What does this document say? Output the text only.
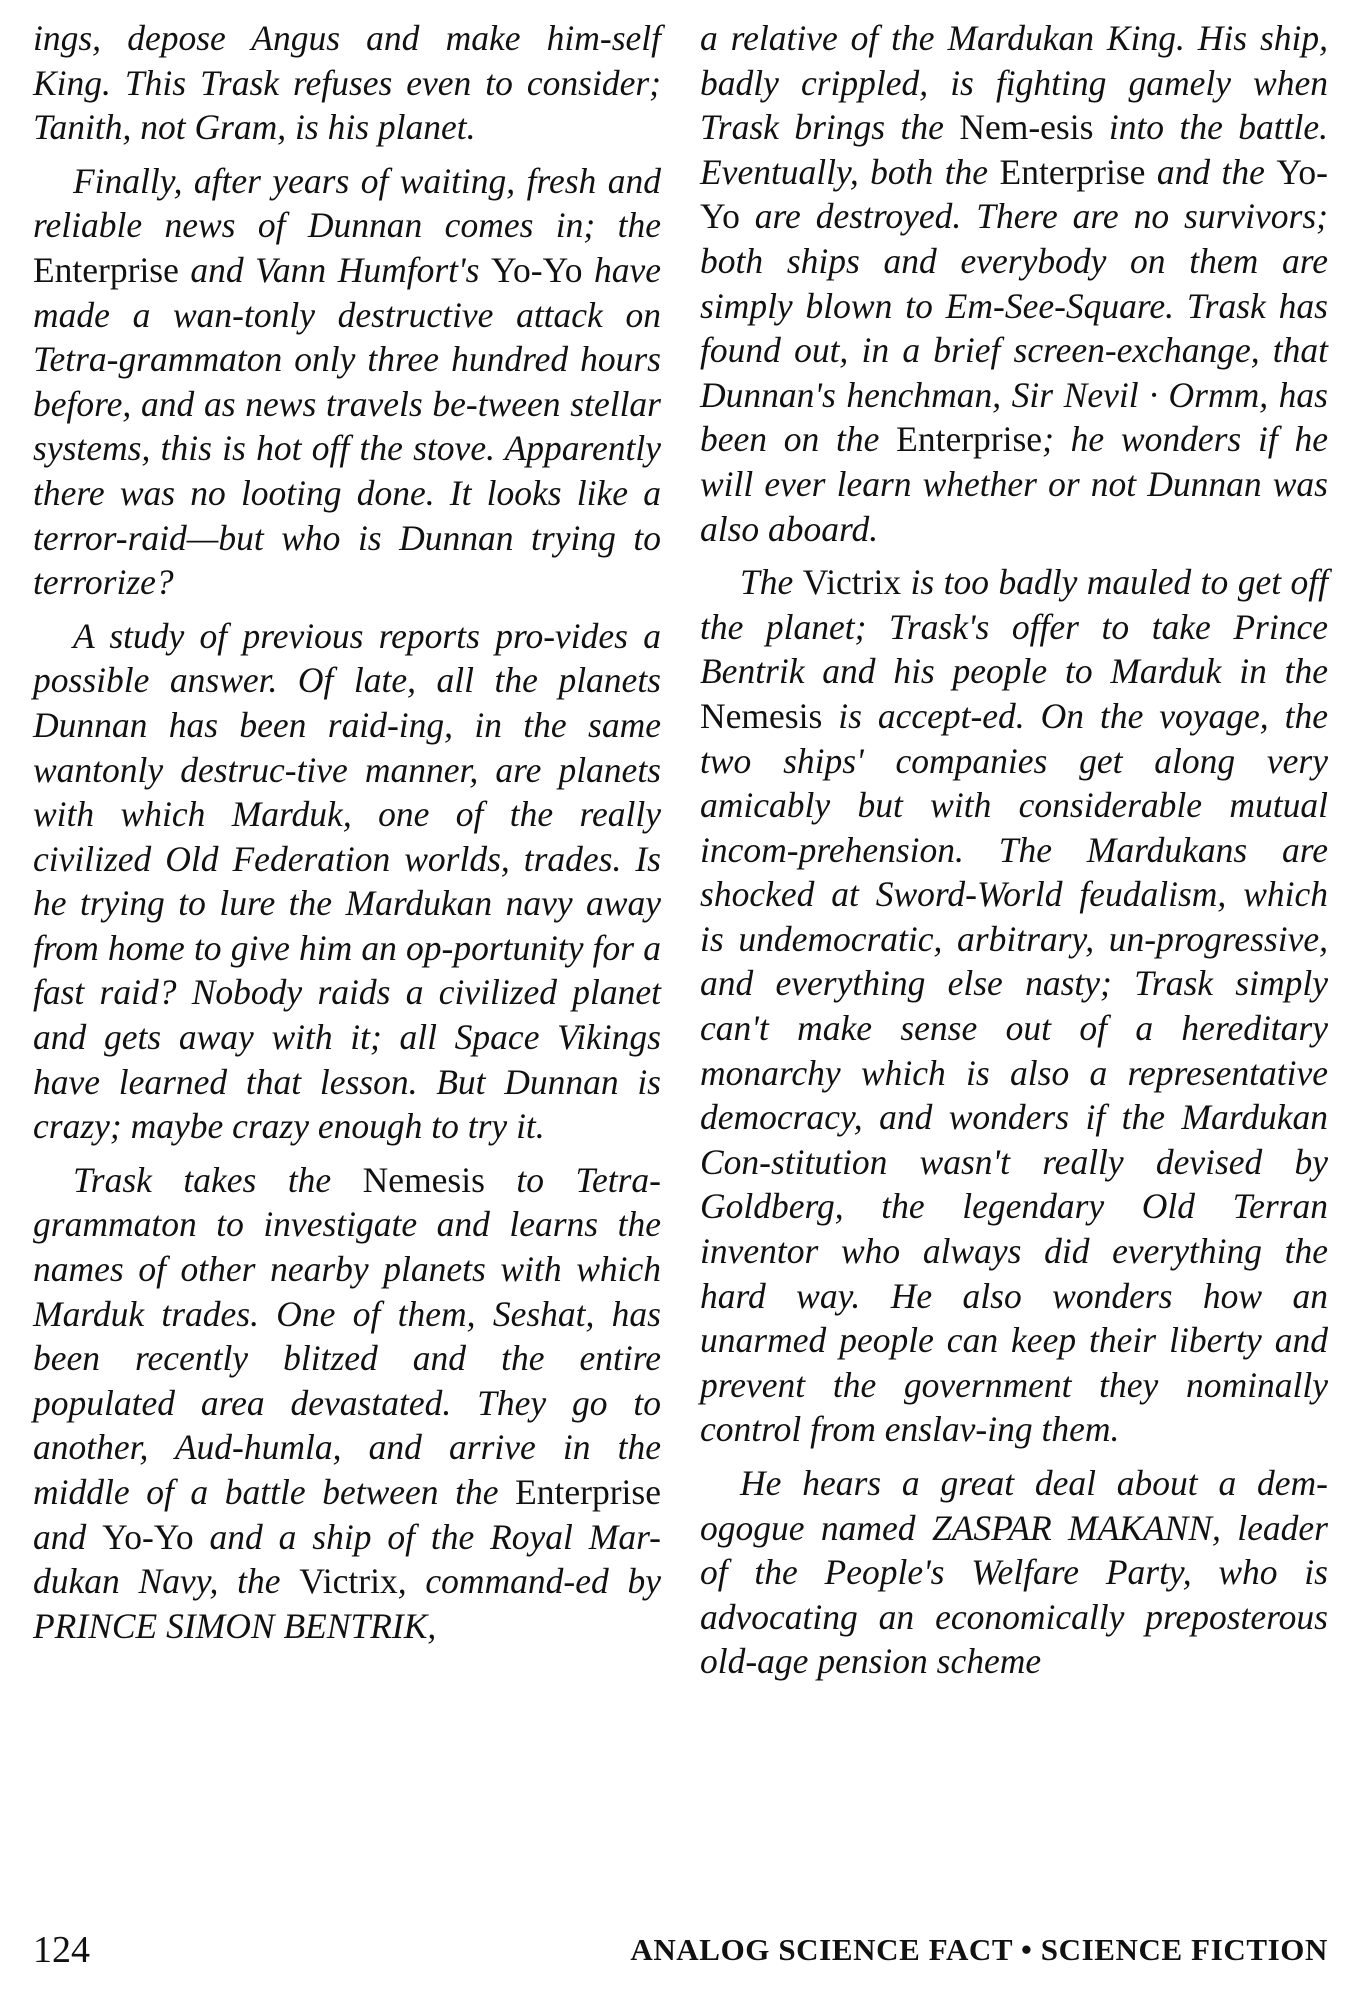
ings, depose Angus and make him-self King. This Trask refuses even to consider; Tanith, not Gram, is his planet.

Finally, after years of waiting, fresh and reliable news of Dunnan comes in; the Enterprise and Vann Humfort's Yo-Yo have made a wan-tonly destructive attack on Tetra-grammaton only three hundred hours before, and as news travels be-tween stellar systems, this is hot off the stove. Apparently there was no looting done. It looks like a terror-raid—but who is Dunnan trying to terrorize?

A study of previous reports pro-vides a possible answer. Of late, all the planets Dunnan has been raid-ing, in the same wantonly destruc-tive manner, are planets with which Marduk, one of the really civilized Old Federation worlds, trades. Is he trying to lure the Mardukan navy away from home to give him an op-portunity for a fast raid? Nobody raids a civilized planet and gets away with it; all Space Vikings have learned that lesson. But Dunnan is crazy; maybe crazy enough to try it.

Trask takes the Nemesis to Tetra-grammaton to investigate and learns the names of other nearby planets with which Marduk trades. One of them, Seshat, has been recently blitzed and the entire populated area devastated. They go to another, Aud-humla, and arrive in the middle of a battle between the Enterprise and Yo-Yo and a ship of the Royal Mar-dukan Navy, the Victrix, command-ed by PRINCE SIMON BENTRIK,

a relative of the Mardukan King. His ship, badly crippled, is fighting gamely when Trask brings the Nem-esis into the battle. Eventually, both the Enterprise and the Yo-Yo are destroyed. There are no survivors; both ships and everybody on them are simply blown to Em-See-Square. Trask has found out, in a brief screen-exchange, that Dunnan's henchman, Sir Nevil · Ormm, has been on the Enterprise; he wonders if he will ever learn whether or not Dunnan was also aboard.

The Victrix is too badly mauled to get off the planet; Trask's offer to take Prince Bentrik and his people to Marduk in the Nemesis is accept-ed. On the voyage, the two ships' companies get along very amicably but with considerable mutual incom-prehension. The Mardukans are shocked at Sword-World feudalism, which is undemocratic, arbitrary, un-progressive, and everything else nasty; Trask simply can't make sense out of a hereditary monarchy which is also a representative democracy, and wonders if the Mardukan Con-stitution wasn't really devised by Goldberg, the legendary Old Terran inventor who always did everything the hard way. He also wonders how an unarmed people can keep their liberty and prevent the government they nominally control from enslav-ing them.

He hears a great deal about a dem-ogogue named ZASPAR MAKANN, leader of the People's Welfare Party, who is advocating an economically preposterous old-age pension scheme

124	ANALOG SCIENCE FACT • SCIENCE FICTION
